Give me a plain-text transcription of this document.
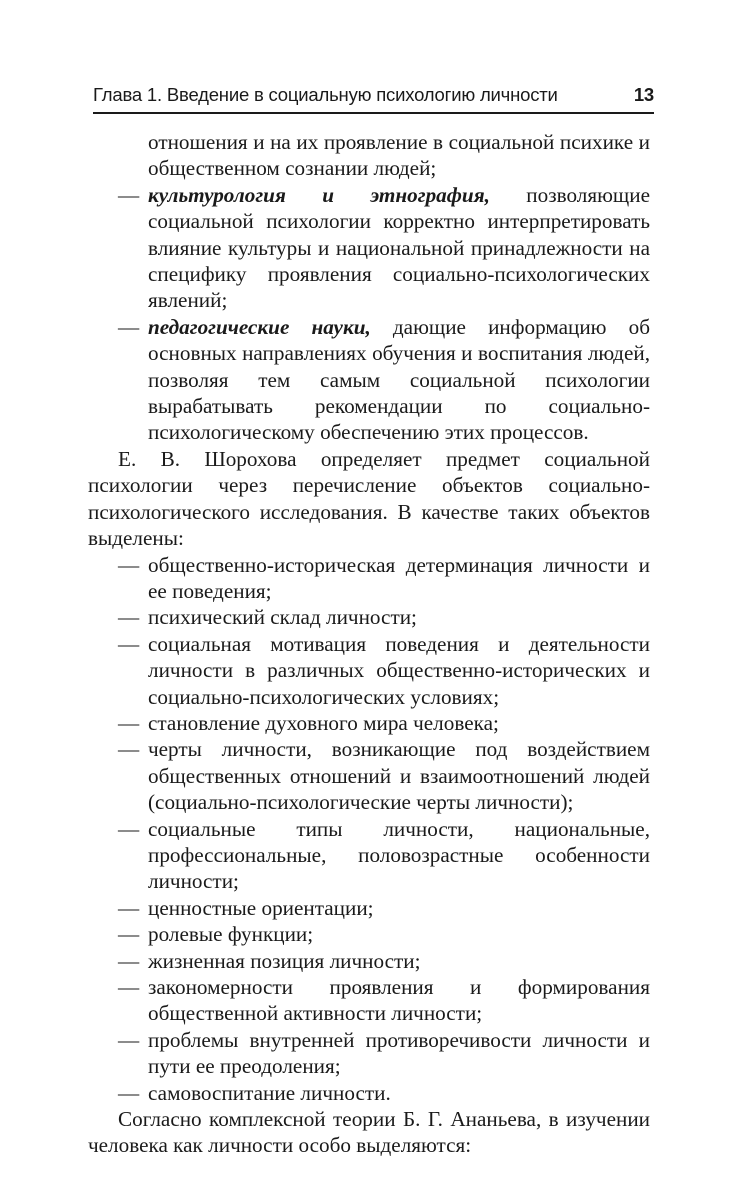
Глава 1. Введение в социальную психологию личности	13
отношения и на их проявление в социальной психике и общественном сознании людей;
— культурология и этнография, позволяющие социальной психологии корректно интерпретировать влияние культуры и национальной принадлежности на специфику проявления социально-психологических явлений;
— педагогические науки, дающие информацию об основных направлениях обучения и воспитания людей, позволяя тем самым социальной психологии вырабатывать рекомендации по социально-психологическому обеспечению этих процессов.
Е. В. Шорохова определяет предмет социальной психологии через перечисление объектов социально-психологического исследования. В качестве таких объектов выделены:
— общественно-историческая детерминация личности и ее поведения;
— психический склад личности;
— социальная мотивация поведения и деятельности личности в различных общественно-исторических и социально-психологических условиях;
— становление духовного мира человека;
— черты личности, возникающие под воздействием общественных отношений и взаимоотношений людей (социально-психологические черты личности);
— социальные типы личности, национальные, профессиональные, половозрастные особенности личности;
— ценностные ориентации;
— ролевые функции;
— жизненная позиция личности;
— закономерности проявления и формирования общественной активности личности;
— проблемы внутренней противоречивости личности и пути ее преодоления;
— самовоспитание личности.
Согласно комплексной теории Б. Г. Ананьева, в изучении человека как личности особо выделяются:
